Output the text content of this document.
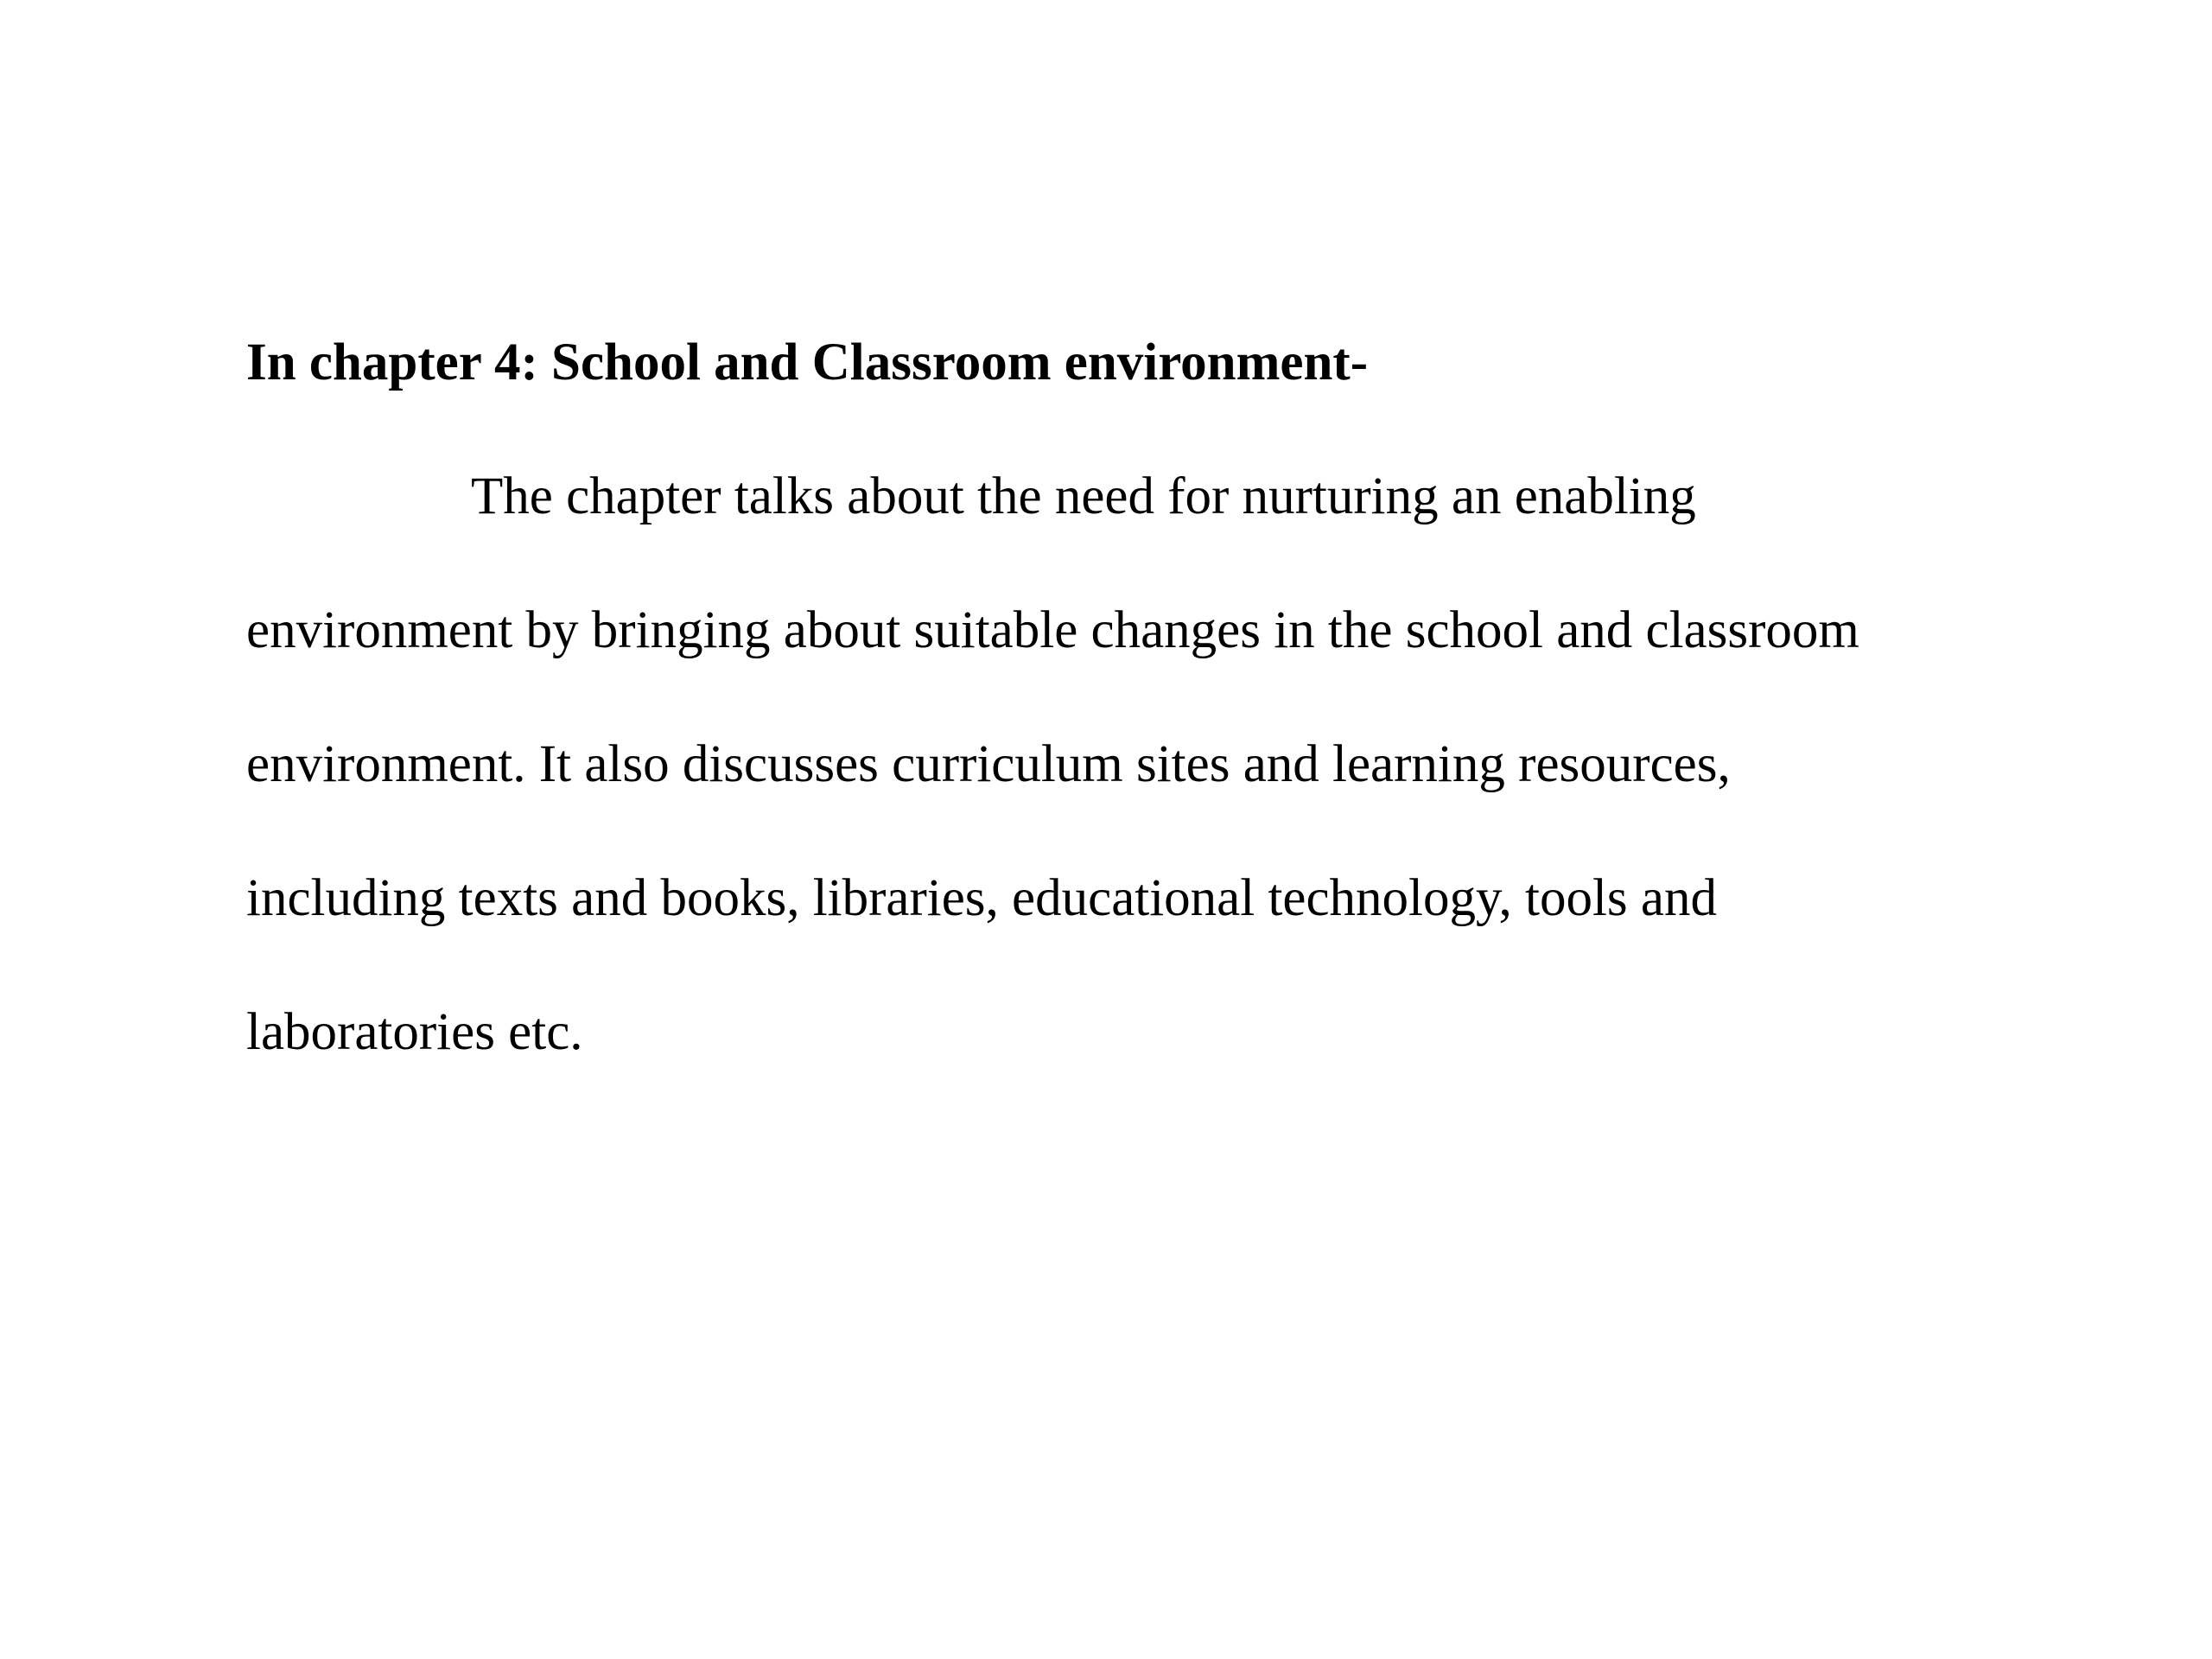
In chapter 4: School and Classroom environment-

The chapter talks about the need for nurturing an enabling

environment by bringing about suitable changes in the school and classroom

environment. It also discusses curriculum sites and learning resources,

including texts and books, libraries, educational technology, tools and

laboratories etc.
